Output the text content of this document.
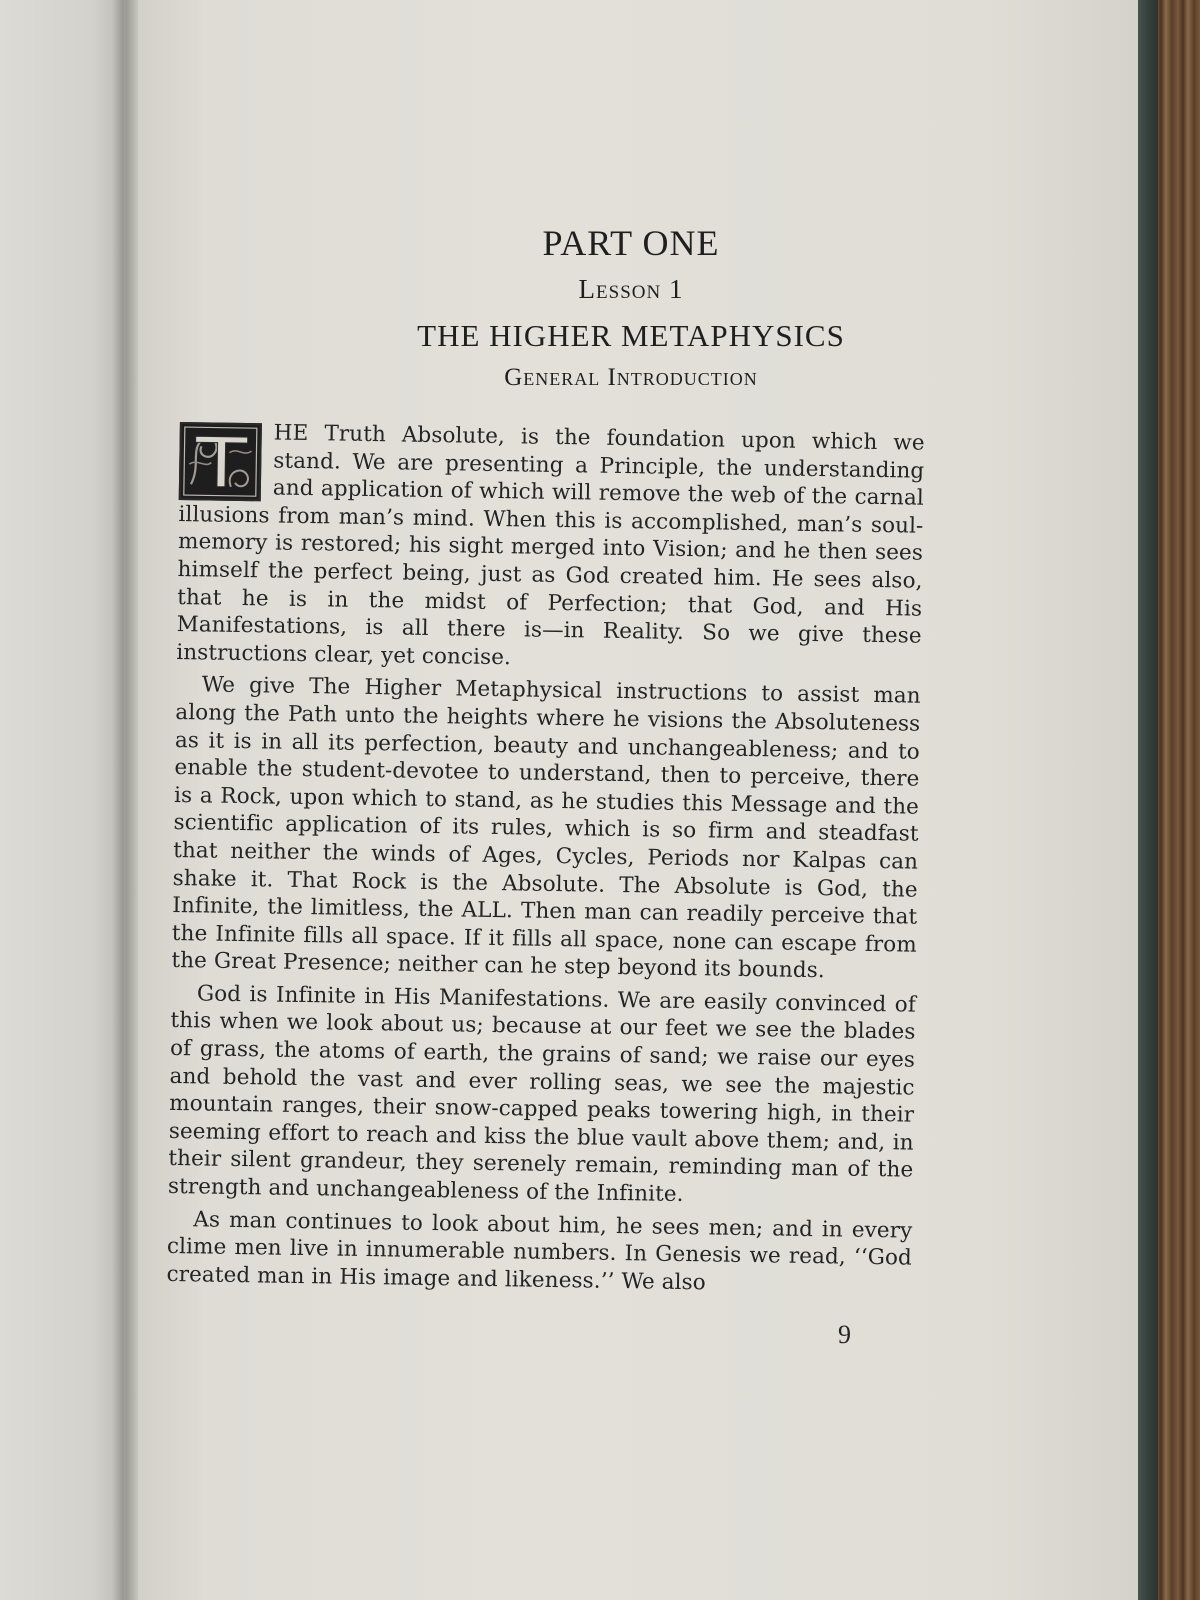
PART ONE
Lesson 1
THE HIGHER METAPHYSICS
General Introduction

HE Truth Absolute, is the foundation upon which we stand. We are presenting a Principle, the understanding and application of which will remove the web of the carnal illusions from man’s mind. When this is accomplished, man’s soul-memory is restored; his sight merged into Vision; and he then sees himself the perfect being, just as God created him. He sees also, that he is in the midst of Perfection; that God, and His Manifestations, is all there is—in Reality. So we give these instructions clear, yet concise.

We give The Higher Metaphysical instructions to assist man along the Path unto the heights where he visions the Absoluteness as it is in all its perfection, beauty and unchangeableness; and to enable the student-devotee to understand, then to perceive, there is a Rock, upon which to stand, as he studies this Message and the scientific application of its rules, which is so firm and steadfast that neither the winds of Ages, Cycles, Periods nor Kalpas can shake it. That Rock is the Absolute. The Absolute is God, the Infinite, the limitless, the ALL. Then man can readily perceive that the Infinite fills all space. If it fills all space, none can escape from the Great Presence; neither can he step beyond its bounds.

God is Infinite in His Manifestations. We are easily convinced of this when we look about us; because at our feet we see the blades of grass, the atoms of earth, the grains of sand; we raise our eyes and behold the vast and ever rolling seas, we see the majestic mountain ranges, their snow-capped peaks towering high, in their seeming effort to reach and kiss the blue vault above them; and, in their silent grandeur, they serenely remain, reminding man of the strength and unchangeableness of the Infinite.

As man continues to look about him, he sees men; and in every clime men live in innumerable numbers. In Genesis we read, ‘‘God created man in His image and likeness.’’ We also

9
